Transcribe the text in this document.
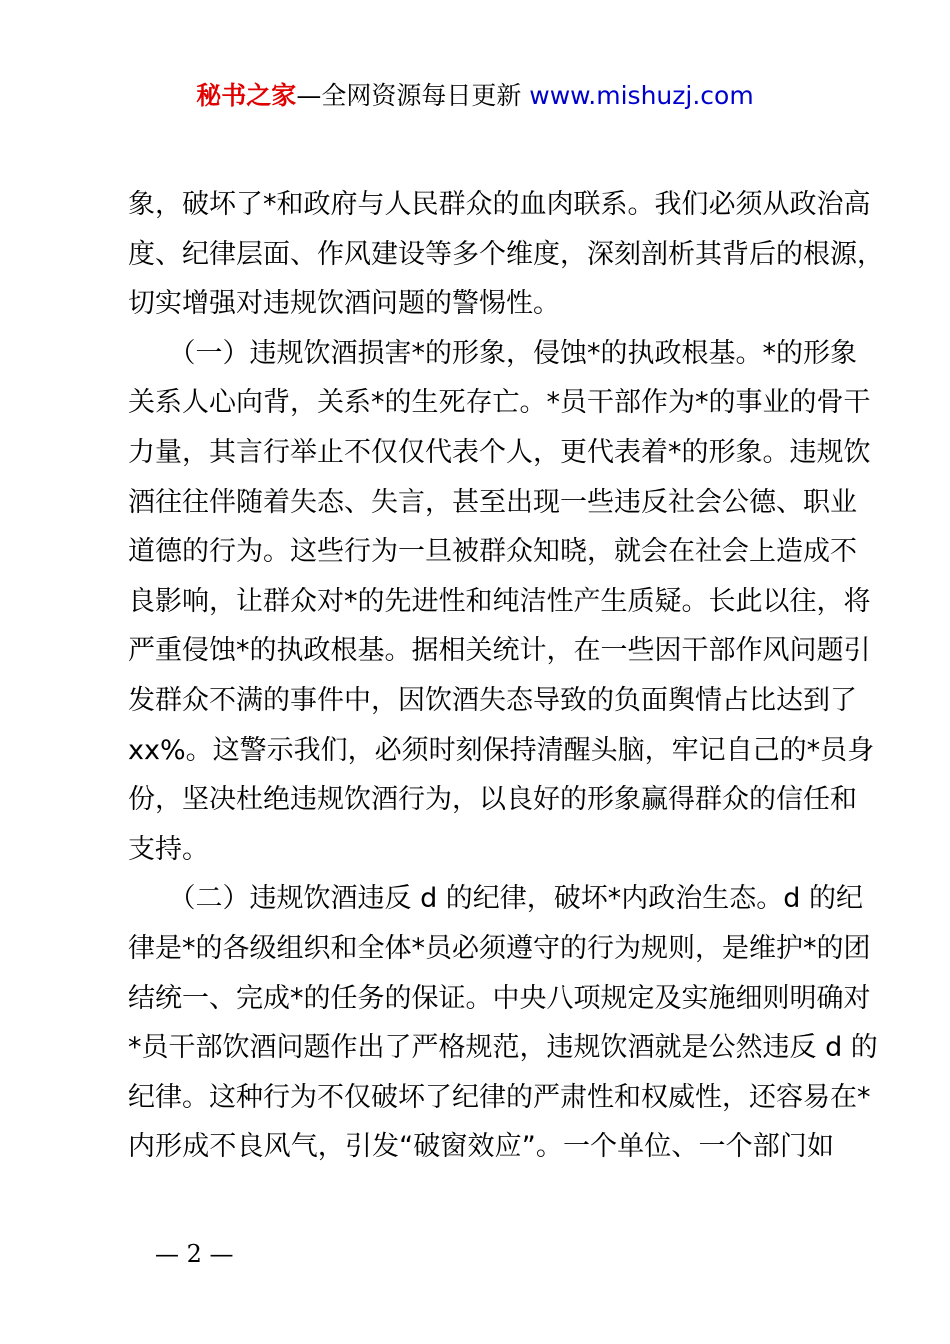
秘书之家—全网资源每日更新 www.mishuzj.com
象，破坏了*和政府与人民群众的血肉联系。我们必须从政治高
度、纪律层面、作风建设等多个维度，深刻剖析其背后的根源，
切实增强对违规饮酒问题的警惕性。
　　（一）违规饮酒损害*的形象，侵蚀*的执政根基。*的形象
关系人心向背，关系*的生死存亡。*员干部作为*的事业的骨干
力量，其言行举止不仅仅代表个人，更代表着*的形象。违规饮
酒往往伴随着失态、失言，甚至出现一些违反社会公德、职业
道德的行为。这些行为一旦被群众知晓，就会在社会上造成不
良影响，让群众对*的先进性和纯洁性产生质疑。长此以往，将
严重侵蚀*的执政根基。据相关统计，在一些因干部作风问题引
发群众不满的事件中，因饮酒失态导致的负面舆情占比达到了
xx%。这警示我们，必须时刻保持清醒头脑，牢记自己的*员身
份，坚决杜绝违规饮酒行为，以良好的形象赢得群众的信任和
支持。
　　（二）违规饮酒违反 d 的纪律，破坏*内政治生态。d 的纪
律是*的各级组织和全体*员必须遵守的行为规则，是维护*的团
结统一、完成*的任务的保证。中央八项规定及实施细则明确对
*员干部饮酒问题作出了严格规范，违规饮酒就是公然违反 d 的
纪律。这种行为不仅破坏了纪律的严肃性和权威性，还容易在*
内形成不良风气，引发“破窗效应”。一个单位、一个部门如
— 2 —
